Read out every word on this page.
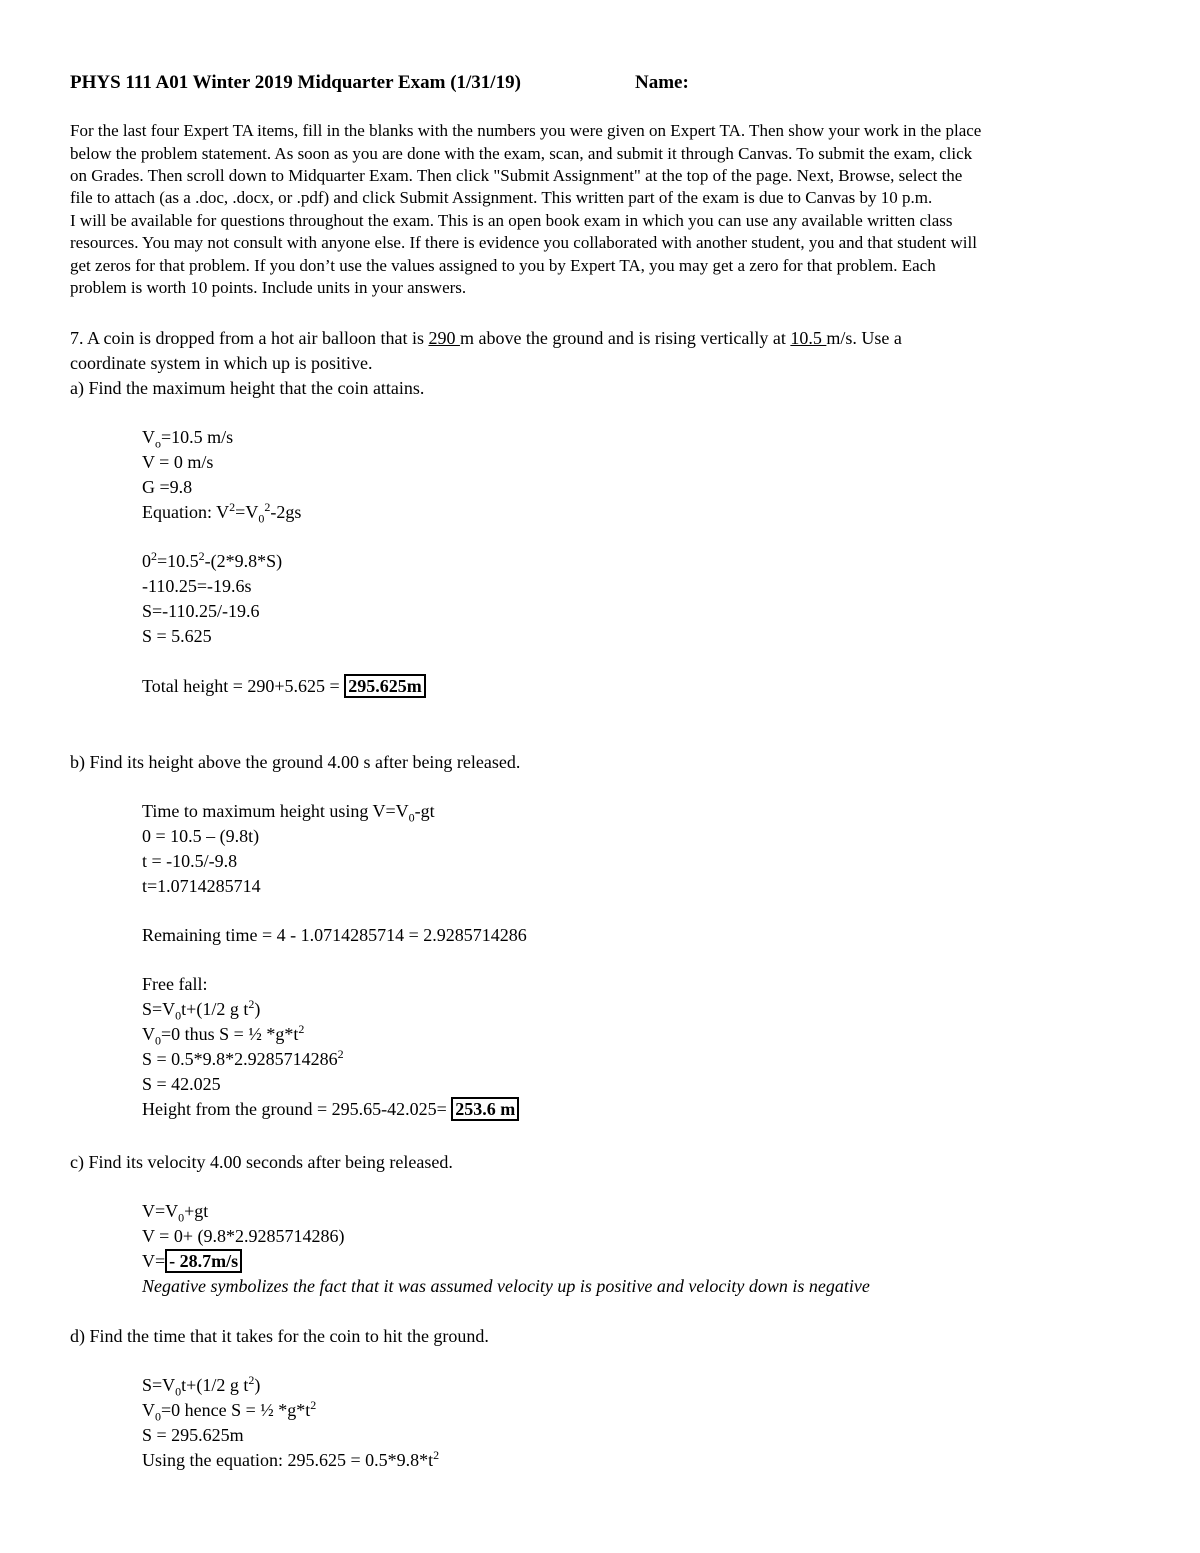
PHYS 111 A01 Winter 2019 Midquarter Exam (1/31/19)	Name:
For the last four Expert TA items, fill in the blanks with the numbers you were given on Expert TA. Then show your work in the place
below the problem statement. As soon as you are done with the exam, scan, and submit it through Canvas. To submit the exam, click
on Grades. Then scroll down to Midquarter Exam. Then click "Submit Assignment" at the top of the page. Next, Browse, select the
file to attach (as a .doc, .docx, or .pdf) and click Submit Assignment. This written part of the exam is due to Canvas by 10 p.m.
I will be available for questions throughout the exam. This is an open book exam in which you can use any available written class
resources. You may not consult with anyone else. If there is evidence you collaborated with another student, you and that student will
get zeros for that problem. If you don’t use the values assigned to you by Expert TA, you may get a zero for that problem. Each
problem is worth 10 points. Include units in your answers.
7. A coin is dropped from a hot air balloon that is 290 m above the ground and is rising vertically at 10.5 m/s. Use a
coordinate system in which up is positive.
a) Find the maximum height that the coin attains.
$V_o=10.5$ m/s
V = 0 m/s
G =9.8
Equation: $V^2=V_0^2-2gs$
$0^2=10.5^2-(2*9.8*S)$
-110.25=-19.6s
S=-110.25/-19.6
S = 5.625
Total height = 290+5.625 = 295.625m
b) Find its height above the ground 4.00 s after being released.
Time to maximum height using $V=V_0-gt$
0 = 10.5 – (9.8t)
t = -10.5/-9.8
t=1.0714285714
Remaining time = 4 - 1.0714285714 = 2.9285714286
Free fall:
$S=V_0t+(1/2$ g $t^2$)
$V_0=0$ thus S = ½ $*g*t^2$
$S = 0.5*9.8*2.9285714286^2$
S = 42.025
Height from the ground = 295.65-42.025= 253.6 m
c) Find its velocity 4.00 seconds after being released.
$V=V_0+gt$
V = 0+ (9.8*2.9285714286)
V= - 28.7m/s
Negative symbolizes the fact that it was assumed velocity up is positive and velocity down is negative
d) Find the time that it takes for the coin to hit the ground.
$S=V_0t+(1/2$ g $t^2$)
$V_0=0$ hence S = ½ $*g*t^2$
S = 295.625m
Using the equation: $295.625 = 0.5*9.8*t^2$
